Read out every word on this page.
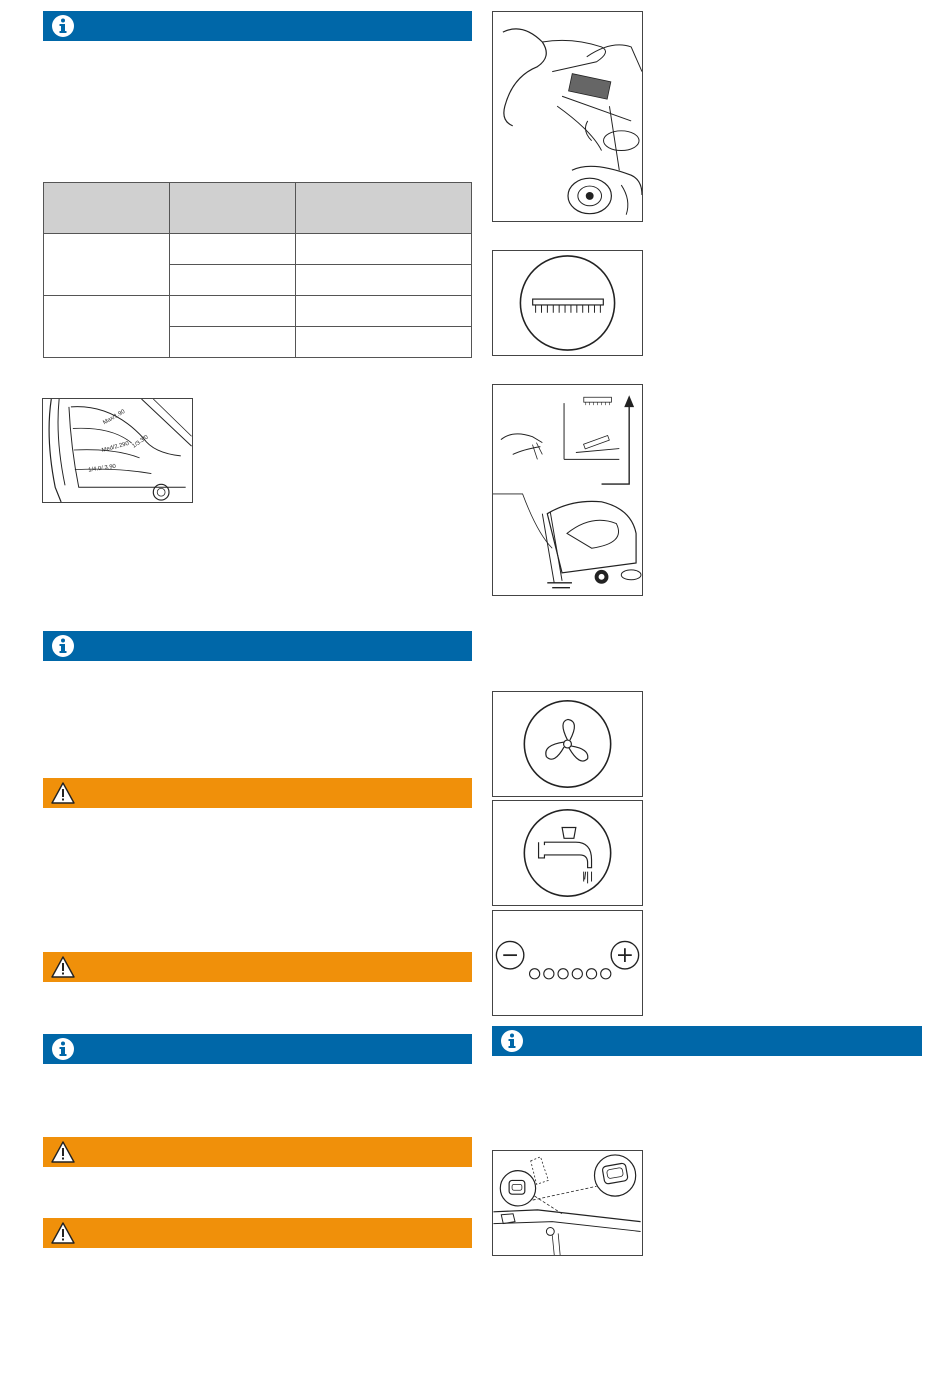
Max/1.90
Med/2.290 1/3.3/0
1/4.0/.3.90
